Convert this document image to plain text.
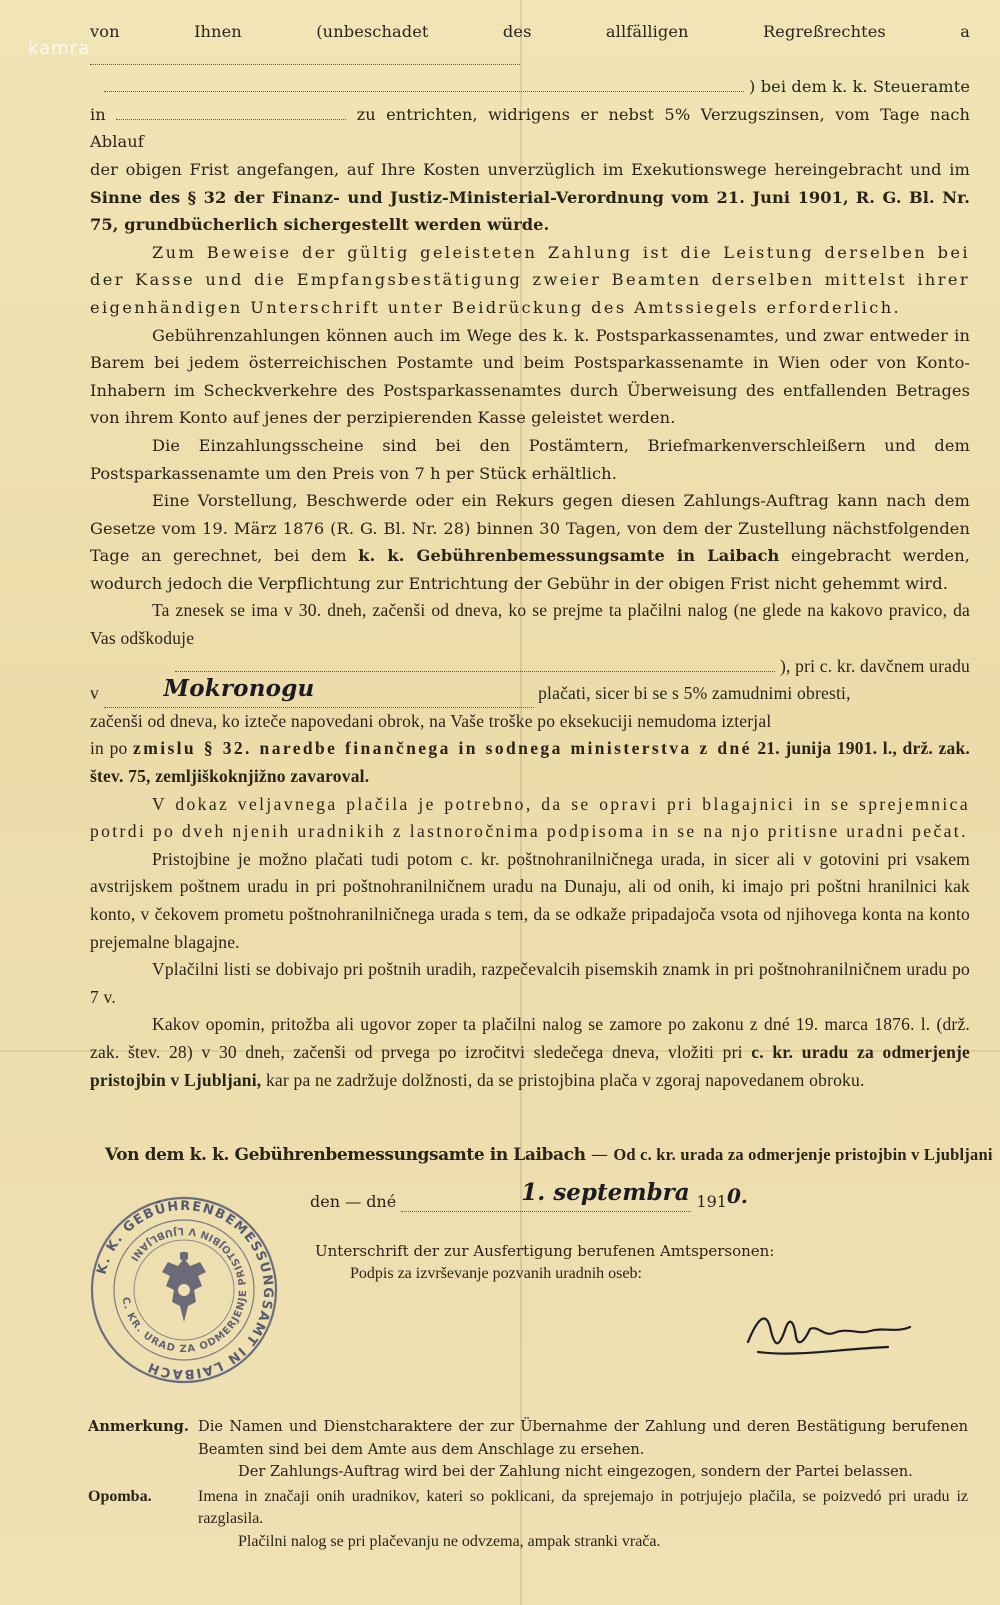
kamra

von Ihnen (unbeschadet des allfälligen Regreßrechtes a

) bei dem k. k. Steueramte

in	zu entrichten, widrigens er nebst 5% Verzugszinsen, vom Tage nach Ablauf

der obigen Frist angefangen, auf Ihre Kosten unverzüglich im Exekutionswege hereingebracht und im Sinne des § 32 der Finanz- und Justiz-Ministerial-Verordnung vom 21. Juni 1901, R. G. Bl. Nr. 75, grundbücherlich sichergestellt werden würde.

Zum Beweise der gültig geleisteten Zahlung ist die Leistung derselben bei der Kasse und die Empfangsbestätigung zweier Beamten derselben mittelst ihrer eigenhändigen Unterschrift unter Beidrückung des Amtssiegels erforderlich.

Gebührenzahlungen können auch im Wege des k. k. Postsparkassenamtes, und zwar entweder in Barem bei jedem österreichischen Postamte und beim Postsparkassenamte in Wien oder von Konto-Inhabern im Scheckverkehre des Postsparkassenamtes durch Überweisung des entfallenden Betrages von ihrem Konto auf jenes der perzipierenden Kasse geleistet werden.

Die Einzahlungsscheine sind bei den Postämtern, Briefmarkenverschleißern und dem Postsparkassenamte um den Preis von 7 h per Stück erhältlich.

Eine Vorstellung, Beschwerde oder ein Rekurs gegen diesen Zahlungs-Auftrag kann nach dem Gesetze vom 19. März 1876 (R. G. Bl. Nr. 28) binnen 30 Tagen, von dem der Zustellung nächstfolgenden Tage an gerechnet, bei dem k. k. Gebührenbemessungsamte in Laibach eingebracht werden, wodurch jedoch die Verpflichtung zur Entrichtung der Gebühr in der obigen Frist nicht gehemmt wird.

Ta znesek se ima v 30. dneh, začenši od dneva, ko se prejme ta plačilni nalog (ne glede na kakovo pravico, da Vas odškoduje

), pri c. kr. davčnem uradu

v	Mokronogu	plačati, sicer bi se s 5% zamudnimi obresti,

začenši od dneva, ko izteče napovedani obrok, na Vaše troške po eksekuciji nemudoma izterjal

in po zmislu § 32. naredbe finančnega in sodnega ministerstva z dné 21. junija 1901. l., drž. zak. štev. 75, zemljiškoknjižno zavaroval.

V dokaz veljavnega plačila je potrebno, da se opravi pri blagajnici in se sprejemnica potrdi po dveh njenih uradnikih z lastnoročnima podpisoma in se na njo pritisne uradni pečat.

Pristojbine je možno plačati tudi potom c. kr. poštnohranilničnega urada, in sicer ali v gotovini pri vsakem avstrijskem poštnem uradu in pri poštnohranilničnem uradu na Dunaju, ali od onih, ki imajo pri poštni hranilnici kak konto, v čekovem prometu poštnohranilničnega urada s tem, da se odkaže pripadajoča vsota od njihovega konta na konto prejemalne blagajne.

Vplačilni listi se dobivajo pri poštnih uradih, razpečevalcih pisemskih znamk in pri poštnohranilničnem uradu po 7 v.

Kakov opomin, pritožba ali ugovor zoper ta plačilni nalog se zamore po zakonu z dné 19. marca 1876. l. (drž. zak. štev. 28) v 30 dneh, začenši od prvega po izročitvi sledečega dneva, vložiti pri c. kr. uradu za odmerjenje pristojbin v Ljubljani, kar pa ne zadržuje dolžnosti, da se pristojbina plača v zgoraj napovedanem obroku.

Von dem k. k. Gebührenbemessungsamte in Laibach — Od c. kr. urada za odmerjenje pristojbin v Ljubljani
den — dné	1. septembra 1910.
Unterschrift der zur Ausfertigung berufenen Amtspersonen:
Podpis za izvrševanje pozvanih uradnih oseb:
K. K. GEBÜHRENBEMESSUNGSAMT IN LAIBACH
C. KR. URAD ZA ODMERJENJE PRISTOJBIN V LJUBLJANI
Anmerkung. Die Namen und Dienstcharaktere der zur Übernahme der Zahlung und deren Bestätigung berufenen Beamten sind bei dem Amte aus dem Anschlage zu ersehen.
Der Zahlungs-Auftrag wird bei der Zahlung nicht eingezogen, sondern der Partei belassen.
Opomba.	Imena in značaji onih uradnikov, kateri so poklicani, da sprejemajo in potrjujejo plačila, se poizvedó pri uradu iz razglasila.
Plačilni nalog se pri plačevanju ne odvzema, ampak stranki vrača.
